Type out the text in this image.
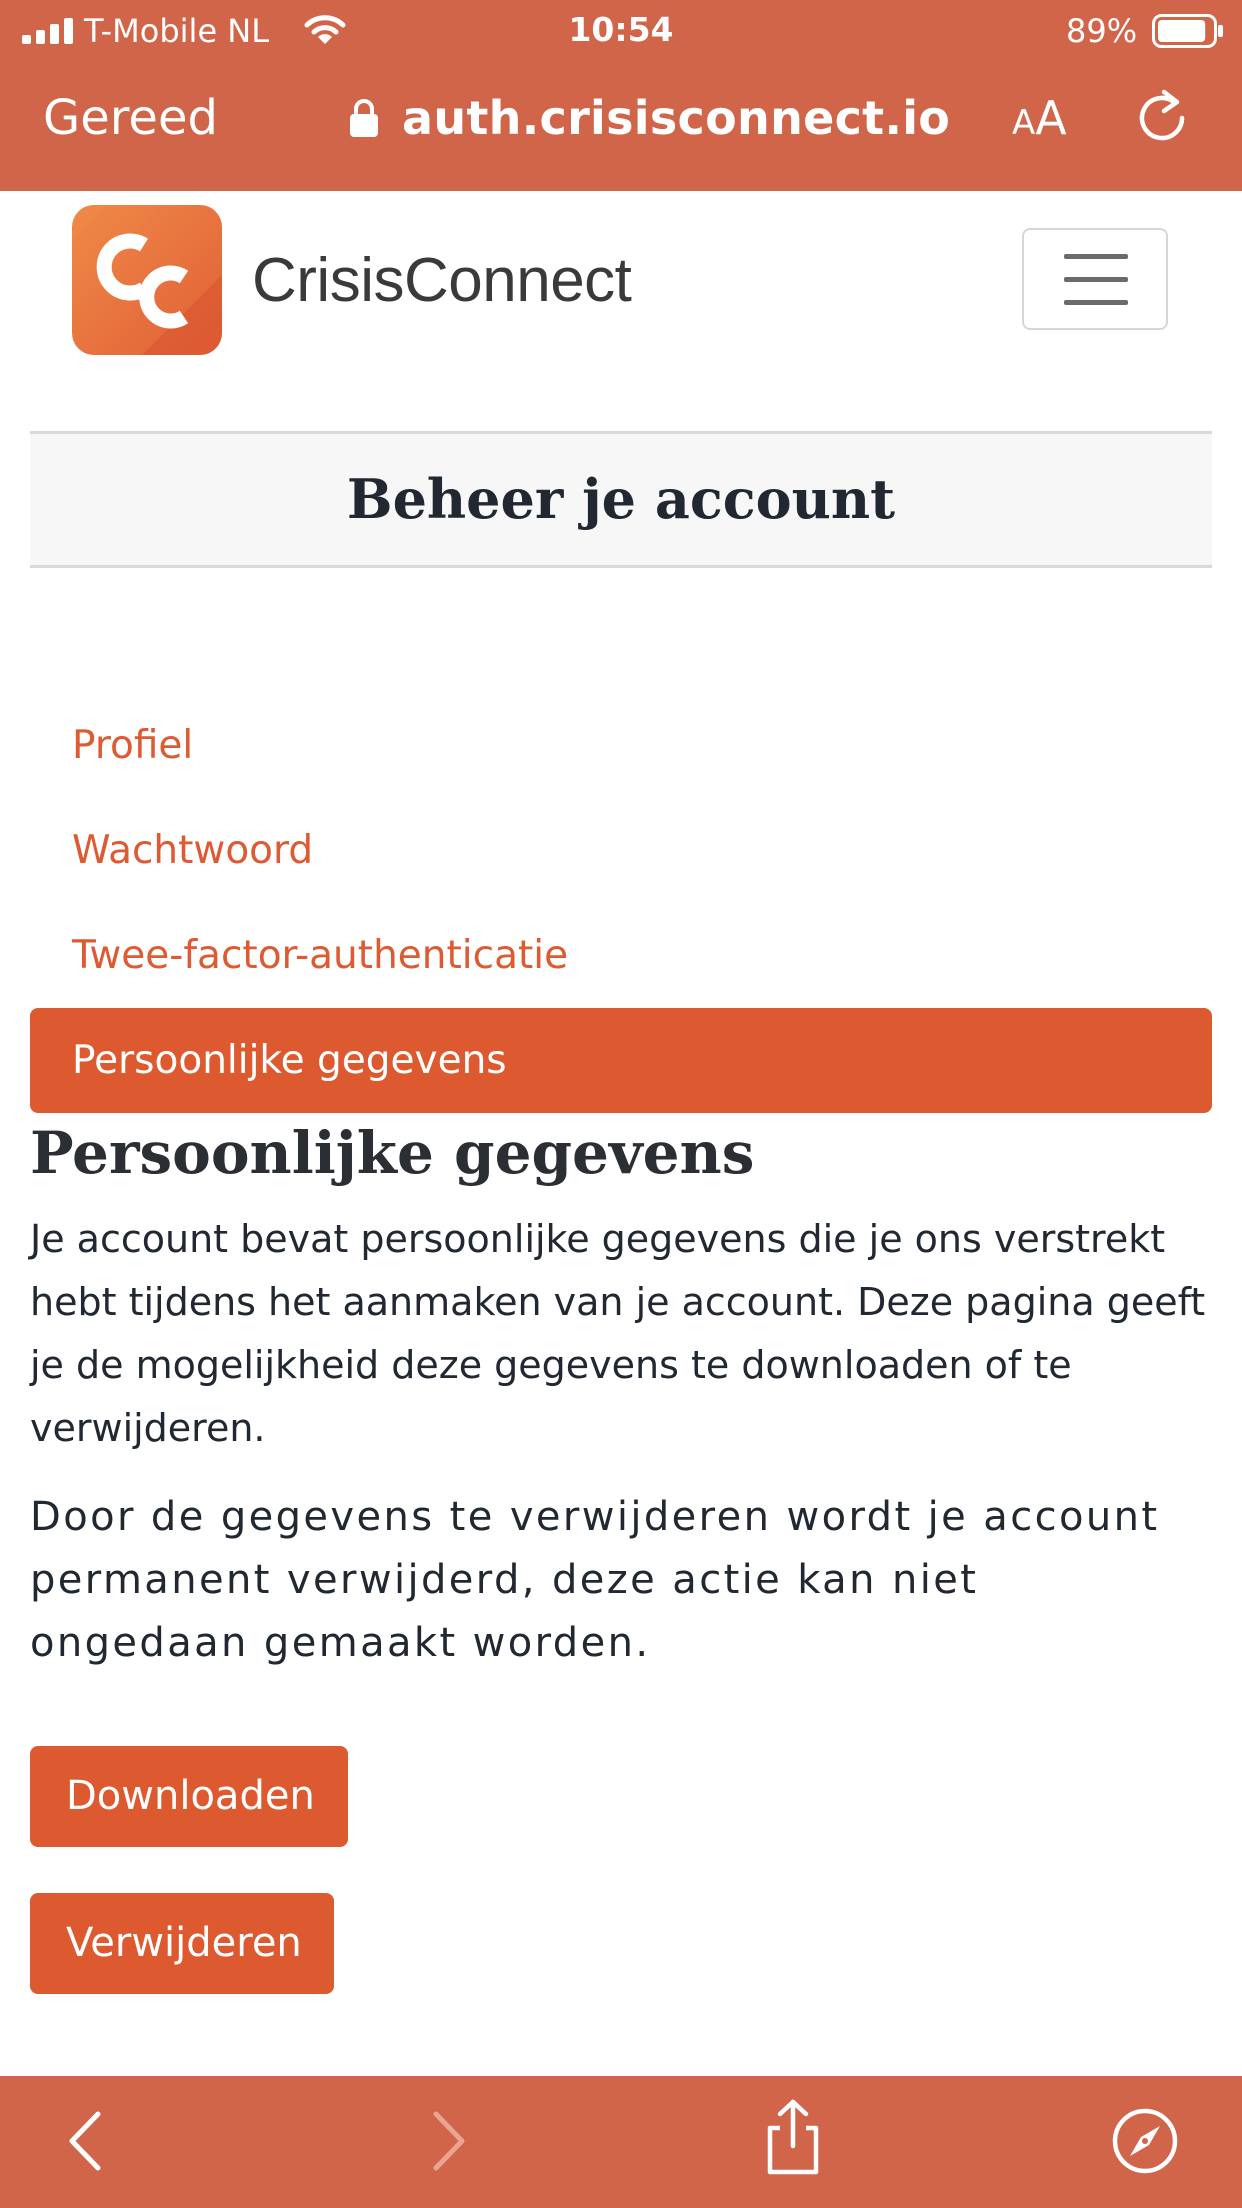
T-Mobile NL	10:54	89%
Gereed	auth.crisisconnect.io AA
CrisisConnect
Beheer je account
Profiel
Wachtwoord
Twee-factor-authenticatie
Persoonlijke gegevens
Persoonlijke gegevens

Je account bevat persoonlijke gegevens die je ons verstrekt hebt tijdens het aanmaken van je account. Deze pagina geeft je de mogelijkheid deze gegevens te downloaden of te verwijderen.

Door de gegevens te verwijderen wordt je account permanent verwijderd, deze actie kan niet ongedaan gemaakt worden.

Downloaden
Verwijderen
